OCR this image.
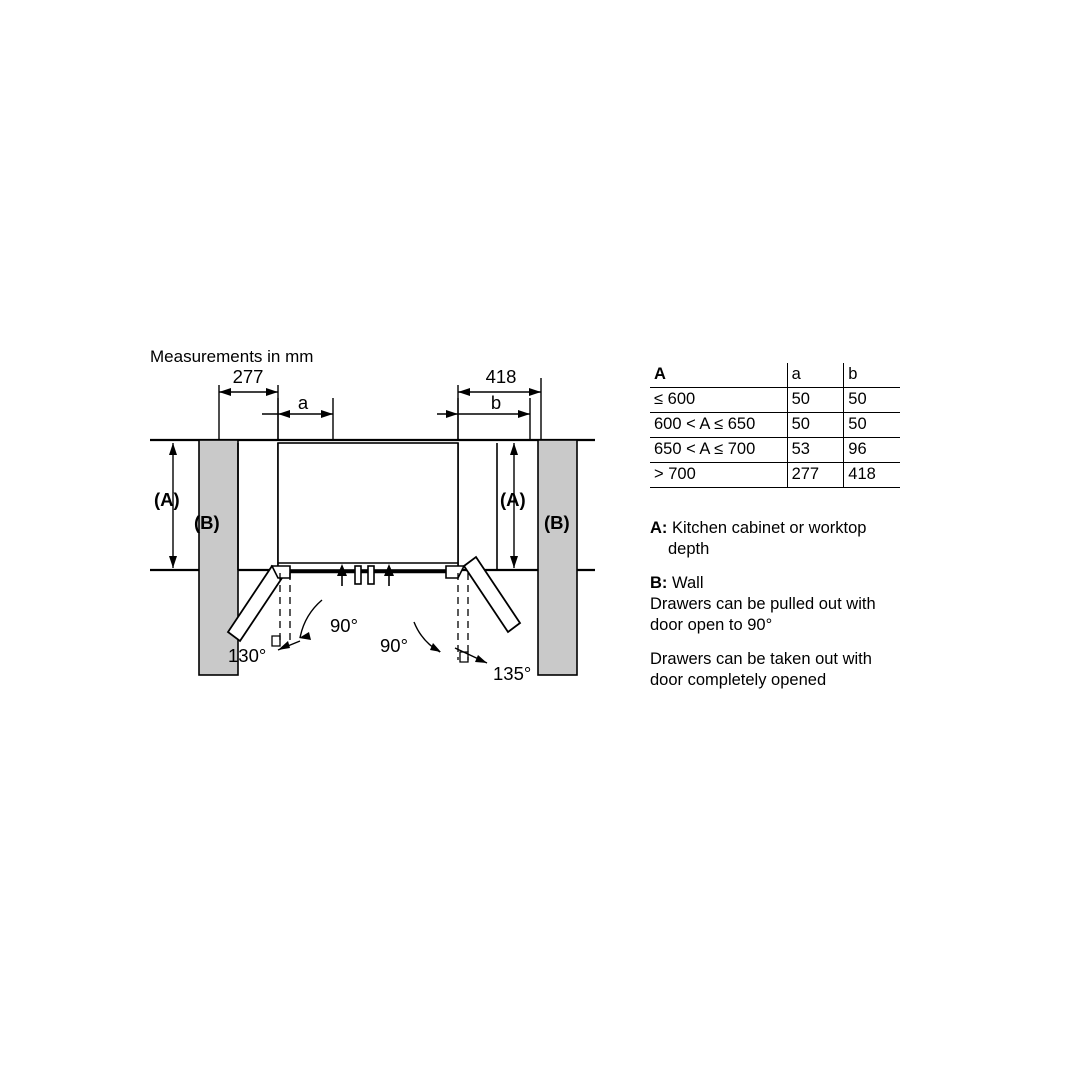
Measurements in mm
277
a
418
b
(A)	(A)
(B)	(B)
90°
130°	90°
135°
A	a	b
≤ 600	50	50
600 < A ≤ 650	50	50
650 < A ≤ 700	53	96
> 700	277	418
A: Kitchen cabinet or worktop
depth
B: Wall
Drawers can be pulled out with
door open to 90°
Drawers can be taken out with
door completely opened
